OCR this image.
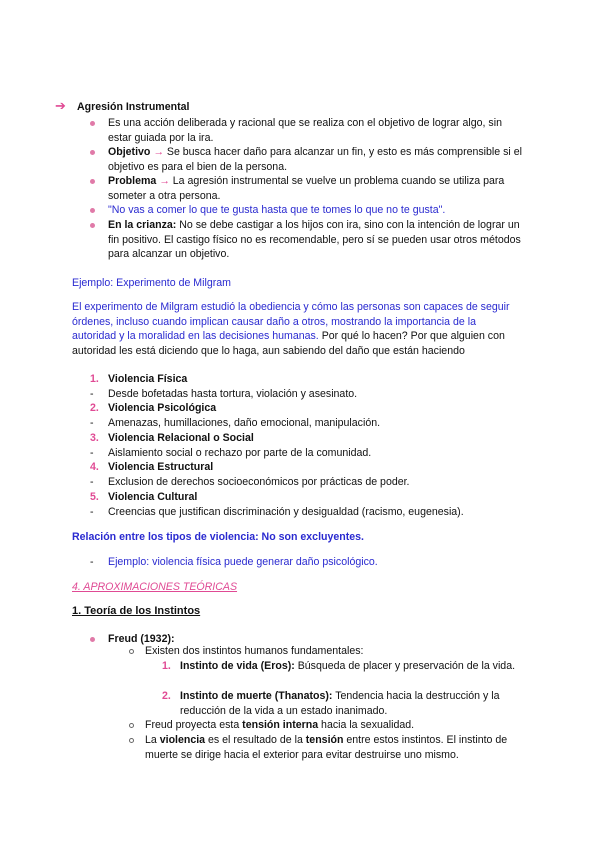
➔ Agresión Instrumental
Es una acción deliberada y racional que se realiza con el objetivo de lograr algo, sin estar guiada por la ira.
Objetivo → Se busca hacer daño para alcanzar un fin, y esto es más comprensible si el objetivo es para el bien de la persona.
Problema → La agresión instrumental se vuelve un problema cuando se utiliza para someter a otra persona.
"No vas a comer lo que te gusta hasta que te tomes lo que no te gusta".
En la crianza: No se debe castigar a los hijos con ira, sino con la intención de lograr un fin positivo. El castigo físico no es recomendable, pero sí se pueden usar otros métodos para alcanzar un objetivo.
Ejemplo: Experimento de Milgram
El experimento de Milgram estudió la obediencia y cómo las personas son capaces de seguir órdenes, incluso cuando implican causar daño a otros, mostrando la importancia de la autoridad y la moralidad en las decisiones humanas. Por qué lo hacen? Por que alguien con autoridad les está diciendo que lo haga, aun sabiendo del daño que están haciendo
1. Violencia Física
- Desde bofetadas hasta tortura, violación y asesinato.
2. Violencia Psicológica
- Amenazas, humillaciones, daño emocional, manipulación.
3. Violencia Relacional o Social
- Aislamiento social o rechazo por parte de la comunidad.
4. Violencia Estructural
- Exclusion de derechos socioeconómicos por prácticas de poder.
5. Violencia Cultural
- Creencias que justifican discriminación y desigualdad (racismo, eugenesia).
Relación entre los tipos de violencia: No son excluyentes.
- Ejemplo: violencia física puede generar daño psicológico.
4. APROXIMACIONES TEÓRICAS
1. Teoría de los Instintos
Freud (1932):
Existen dos instintos humanos fundamentales:
1. Instinto de vida (Eros): Búsqueda de placer y preservación de la vida.
2. Instinto de muerte (Thanatos): Tendencia hacia la destrucción y la reducción de la vida a un estado inanimado.
Freud proyecta esta tensión interna hacia la sexualidad.
La violencia es el resultado de la tensión entre estos instintos. El instinto de muerte se dirige hacia el exterior para evitar destruirse uno mismo.
